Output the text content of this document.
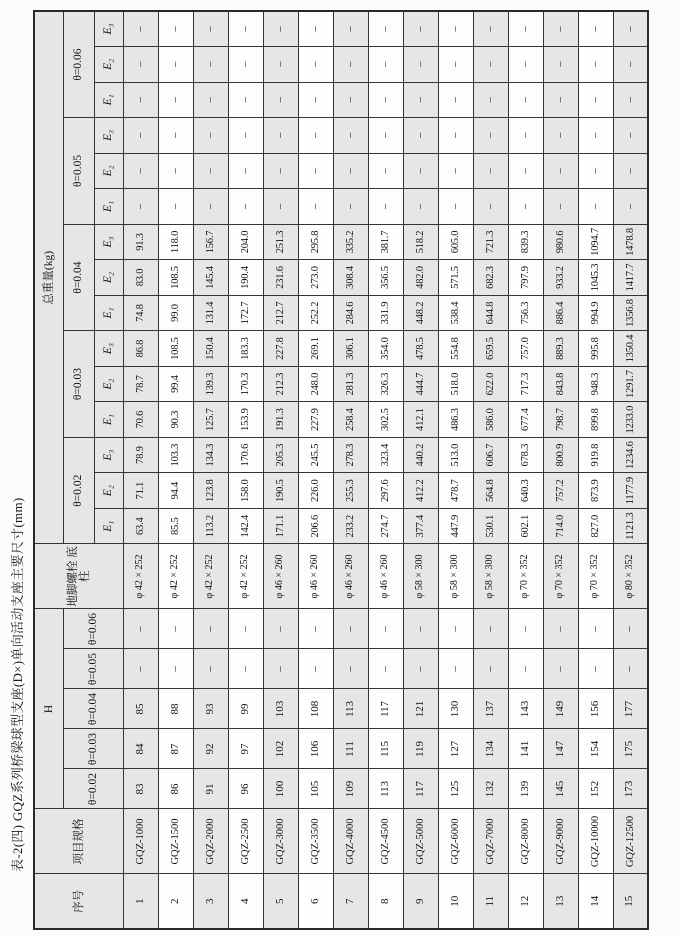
表-2(四) GQZ系列桥梁球型支座(D×)单向活动支座主要尺寸(mm)
序号	项目规格	H					地脚螺栓 底柱	总重量(kg)														
		θ=0.02	θ=0.03	θ=0.04	θ=0.05	θ=0.06		θ=0.02			θ=0.03			θ=0.04			θ=0.05			θ=0.06		
								E₁	E₂	E₃	E₁	E₂	E₃	E₁	E₂	E₃	E₁	E₂	E₃	E₁	E₂	E₃
1	GQZ-1000	83	84	85	–	–	φ 42 × 252	63.4	71.1	78.9	70.6	78.7	86.8	74.8	83.0	91.3	–	–	–	–	–	–
2	GQZ-1500	86	87	88	–	–	φ 42 × 252	85.5	94.4	103.3	90.3	99.4	108.5	99.0	108.5	118.0	–	–	–	–	–	–
3	GQZ-2000	91	92	93	–	–	φ 42 × 252	113.2	123.8	134.3	125.7	139.3	150.4	131.4	145.4	156.7	–	–	–	–	–	–
4	GQZ-2500	96	97	99	–	–	φ 42 × 252	142.4	158.0	170.6	153.9	170.3	183.3	172.7	190.4	204.0	–	–	–	–	–	–
5	GQZ-3000	100	102	103	–	–	φ 46 × 260	171.1	190.5	205.3	191.3	212.3	227.8	212.7	231.6	251.3	–	–	–	–	–	–
6	GQZ-3500	105	106	108	–	–	φ 46 × 260	206.6	226.0	245.5	227.9	248.0	269.1	252.2	273.0	295.8	–	–	–	–	–	–
7	GQZ-4000	109	111	113	–	–	φ 46 × 260	233.2	255.3	278.3	258.4	281.3	306.1	284.6	308.4	335.2	–	–	–	–	–	–
8	GQZ-4500	113	115	117	–	–	φ 46 × 260	274.7	297.6	323.4	302.5	326.3	354.0	331.9	356.5	381.7	–	–	–	–	–	–
9	GQZ-5000	117	119	121	–	–	φ 58 × 300	377.4	412.2	440.2	412.1	444.7	478.5	448.2	482.0	518.2	–	–	–	–	–	–
10	GQZ-6000	125	127	130	–	–	φ 58 × 300	447.9	478.7	513.0	486.3	518.0	554.8	538.4	571.5	605.0	–	–	–	–	–	–
11	GQZ-7000	132	134	137	–	–	φ 58 × 300	530.1	564.8	606.7	586.0	622.0	659.5	644.8	682.3	721.3	–	–	–	–	–	–
12	GQZ-8000	139	141	143	–	–	φ 70 × 352	602.1	640.3	678.3	677.4	717.3	757.0	756.3	797.9	839.3	–	–	–	–	–	–
13	GQZ-9000	145	147	149	–	–	φ 70 × 352	714.0	757.2	800.9	798.7	843.8	889.3	886.4	933.2	980.6	–	–	–	–	–	–
14	GQZ-10000	152	154	156	–	–	φ 70 × 352	827.0	873.9	919.8	899.8	948.3	995.8	994.9	1045.3	1094.7	–	–	–	–	–	–
15	GQZ-12500	173	175	177	–	–	φ 80 × 352	1121.3	1177.9	1234.6	1233.0	1291.7	1350.4	1356.8	1417.7	1478.8	–	–	–	–	–	–
